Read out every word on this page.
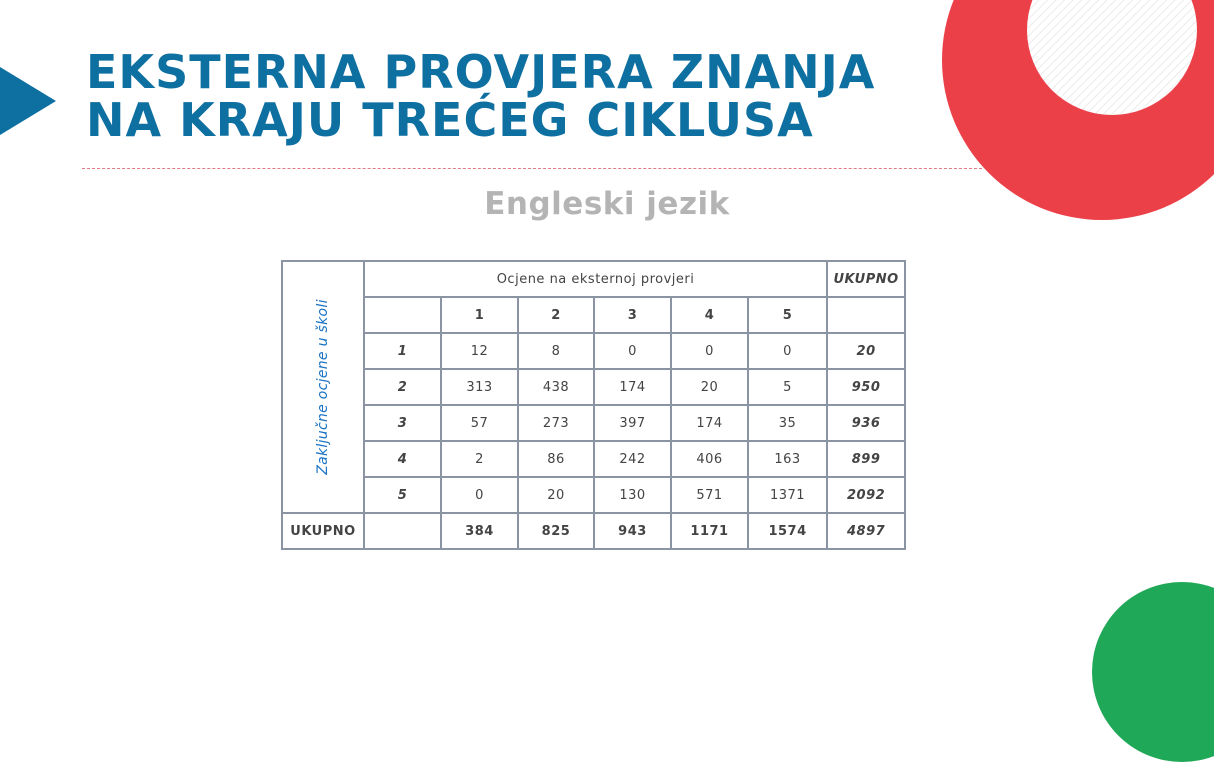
EKSTERNA PROVJERA ZNANJA
NA KRAJU TREĆEG CIKLUSA
Engleski jezik
Zaključne ocjene u školi	Ocjene na eksternoj provjeri						UKUPNO
		1	2	3	4	5	
	1	12	8	0	0	0	20
	2	313	438	174	20	5	950
	3	57	273	397	174	35	936
	4	2	86	242	406	163	899
	5	0	20	130	571	1371	2092
UKUPNO		384	825	943	1171	1574	4897
